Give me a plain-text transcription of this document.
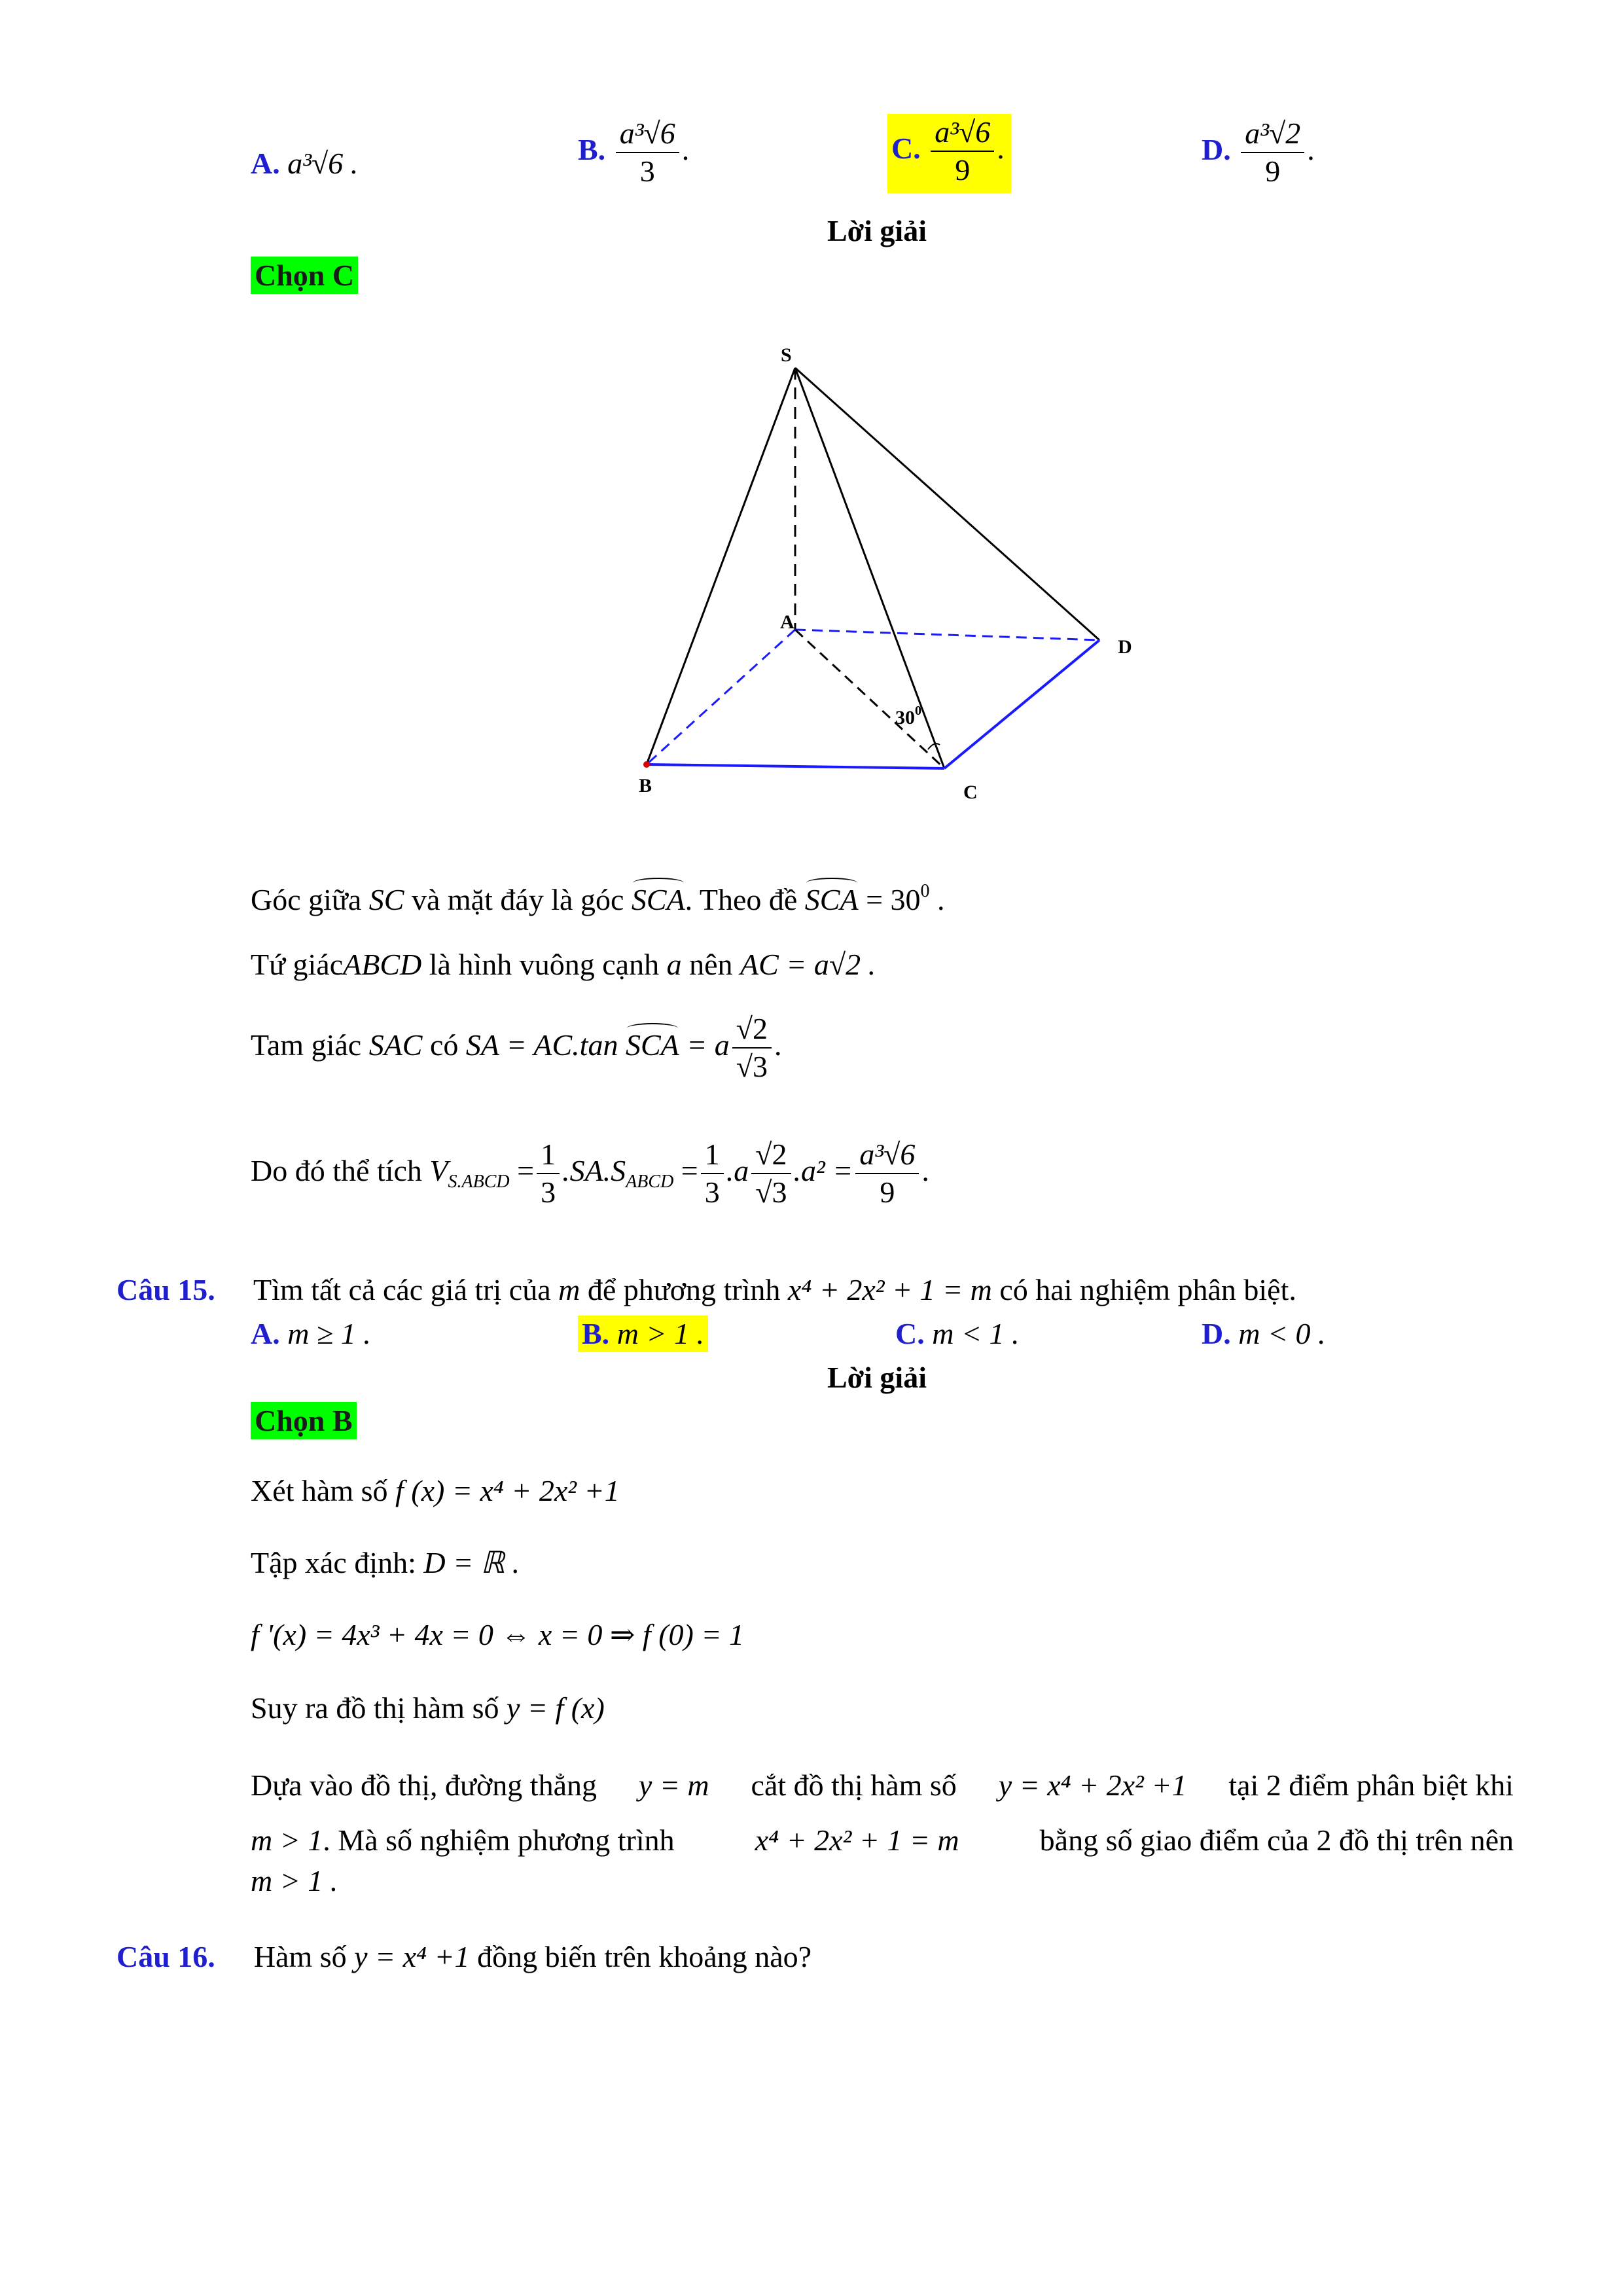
A. a³√6 .	B. $\frac{\text{a³√6}}{3}$ .	C. $\frac{\text{a³√6}}{9}$ .	D. $\frac{\text{a³√2}}{9}$ .
Lời giải
Chọn C
S
A
B	C
D
$30^0$
Góc giữa SC và mặt đáy là góc SCA. Theo đề SCA = $30^0$ .
Tứ giácABCD là hình vuông cạnh a nên AC = a√2 .
Tam giác SAC có SA = AC.tan SCA = a $\frac{√2}{√3}$ .
Do đó thể tích $V_{S.ABCD} = \frac{1}{3} .SA.S_{ABCD} = \frac{1}{3} .a \frac{√2}{√3} .a^2 = \frac{\text{a³√6}}{9}$ .
Câu 15. Tìm tất cả các giá trị của m để phương trình x⁴ + 2x² + 1 = m có hai nghiệm phân biệt.
A. m ≥ 1 .	B. m > 1 .	C. m < 1 .	D. m < 0 .
Lời giải
Chọn B
Xét hàm số f (x) = x⁴ + 2x² +1
Tập xác định: D = ℝ .
f '(x) = 4x³ + 4x = 0 ⇔ x = 0 ⇒ f (0) = 1
Suy ra đồ thị hàm số y = f (x)
Dựa vào đồ thị, đường thẳng y = m cắt đồ thị hàm số y = x⁴ + 2x² +1 tại 2 điểm phân biệt khi
m > 1. Mà số nghiệm phương trình	x⁴ + 2x² + 1 = m	bằng số giao điểm của 2 đồ thị trên nên
m > 1 .
Câu 16. Hàm số y = x⁴ +1 đồng biến trên khoảng nào?
